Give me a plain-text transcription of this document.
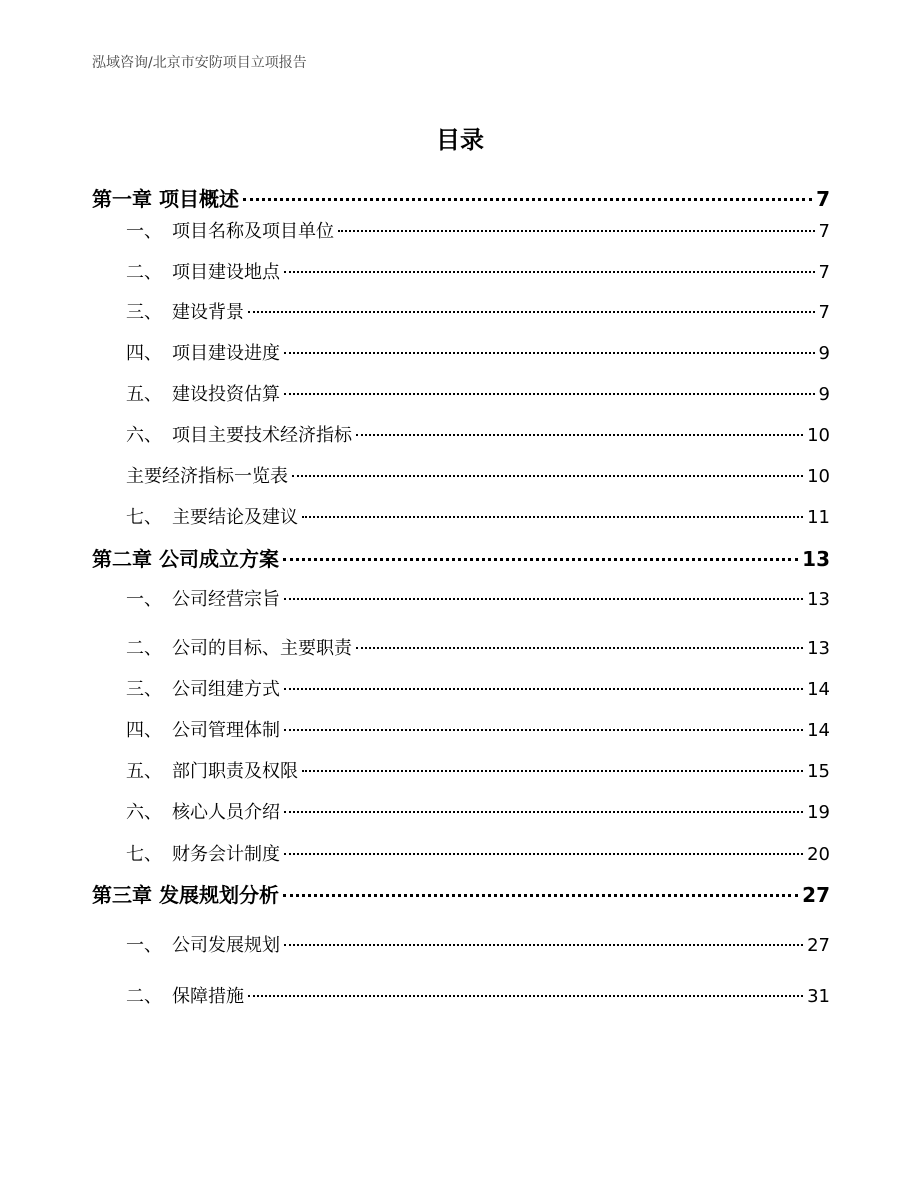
泓域咨询/北京市安防项目立项报告
目录
第一章 项目概述	7
一、 项目名称及项目单位	7
二、 项目建设地点	7
三、 建设背景	7
四、 项目建设进度	9
五、 建设投资估算	9
六、 项目主要技术经济指标	10
主要经济指标一览表	10
七、 主要结论及建议	11
第二章 公司成立方案	13
一、 公司经营宗旨	13
二、 公司的目标、主要职责	13
三、 公司组建方式	14
四、 公司管理体制	14
五、 部门职责及权限	15
六、 核心人员介绍	19
七、 财务会计制度	20
第三章 发展规划分析	27
一、 公司发展规划	27
二、 保障措施	31
